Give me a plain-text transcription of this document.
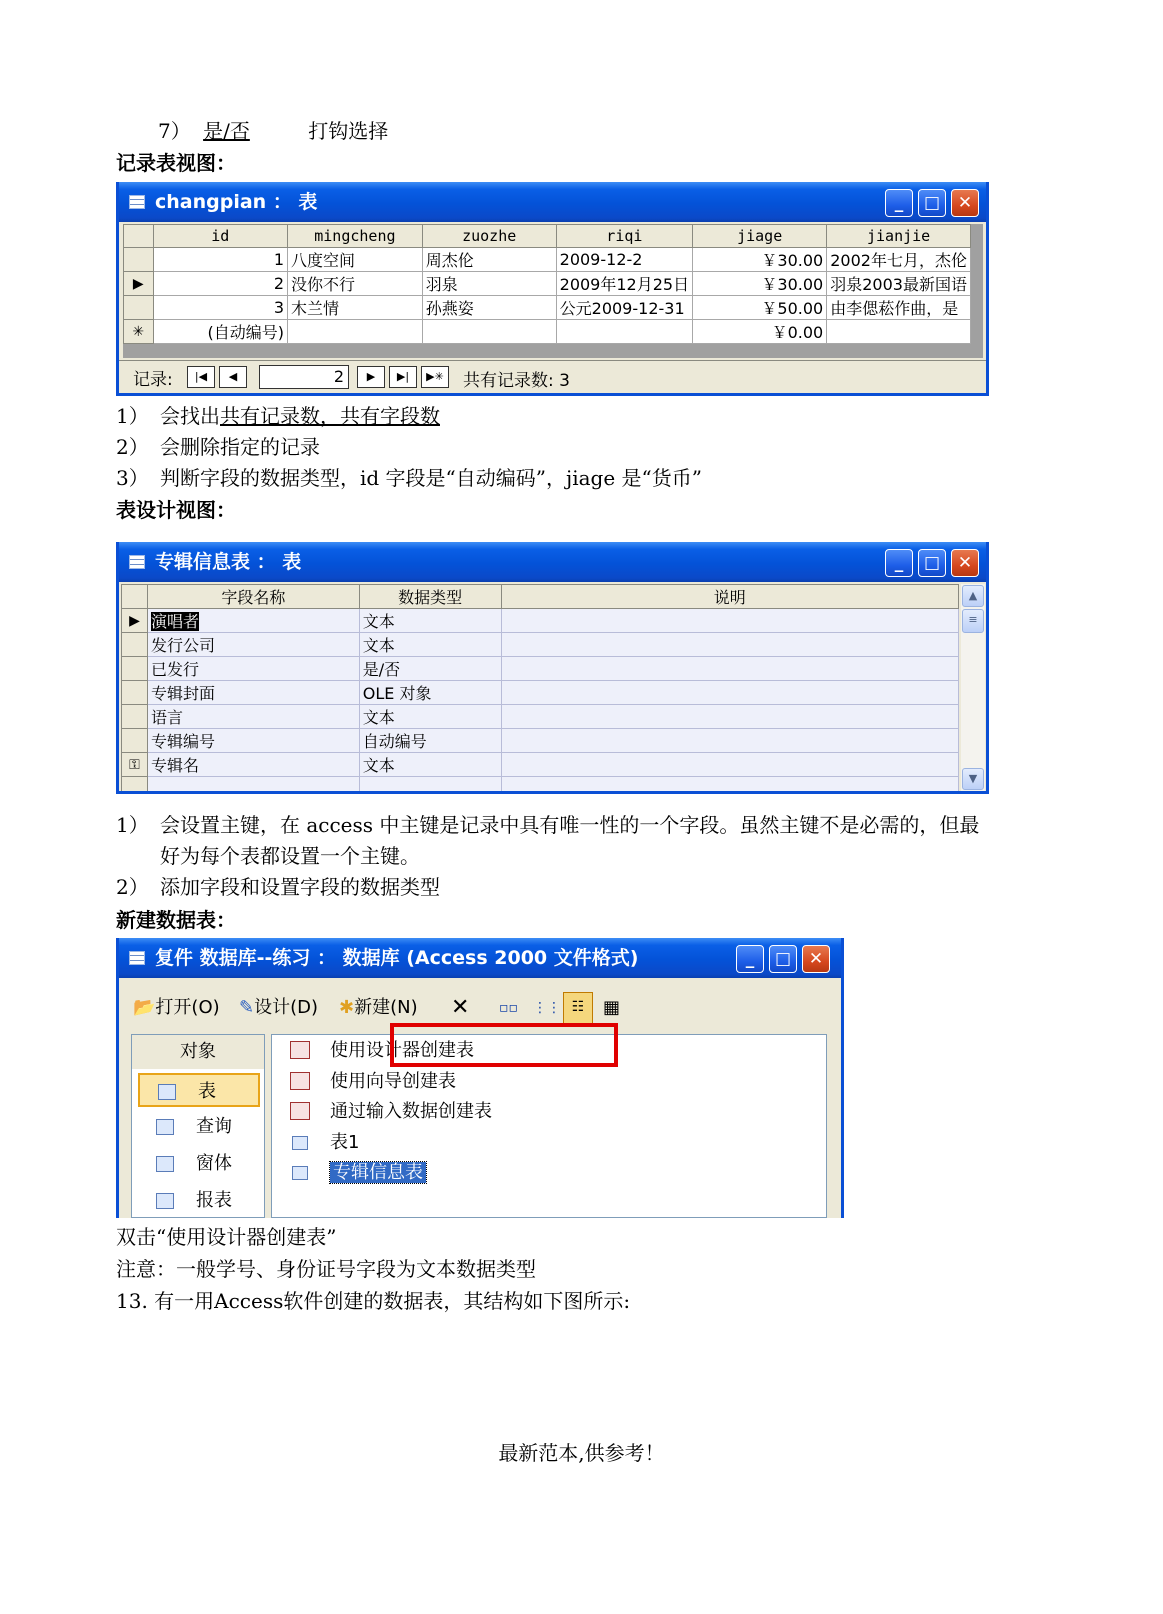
7） 是/否	打钩选择
记录表视图：
changpian ： 表	_	□	✕
	id	mingcheng	zuozhe	riqi	jiage	jianjie
	1	八度空间	周杰伦	2009-12-2	￥30.00	2002年七月，杰伦
▶	2	没你不行	羽泉	2009年12月25日	￥30.00	羽泉2003最新国语
	3	木兰情	孙燕姿	公元2009-12-31	￥50.00	由李偲菘作曲，是
✳	(自动编号)				￥0.00	
记录:	|◀	◀	2	▶	▶|	▶✳	共有记录数: 3
1） 会找出共有记录数，共有字段数
2） 会删除指定的记录
3） 判断字段的数据类型，id 字段是“自动编码”，jiage 是“货币”
表设计视图：
专辑信息表 ： 表	_	□	✕
	字段名称	数据类型	说明
▶	演唱者	文本	
	发行公司	文本	
	已发行	是/否	
	专辑封面	OLE 对象	
	语言	文本	
	专辑编号	自动编号	
⚿	专辑名	文本	

▲
≡
▼
1） 会设置主键，在 access 中主键是记录中具有唯一性的一个字段。虽然主键不是必需的，但最
好为每个表都设置一个主键。
2） 添加字段和设置字段的数据类型
新建数据表：
复件 数据库--练习 ： 数据库 (Access 2000 文件格式)	_	□	✕
📂打开(O) ✎设计(D) ✱新建(N) ✕ ▫▫ ⋮⋮ ☷	▦
对象
表
查询
窗体
报表
使用设计器创建表
使用向导创建表
通过输入数据创建表
表1
专辑信息表
双击“使用设计器创建表”
注意：一般学号、身份证号字段为文本数据类型
13. 有一用Access软件创建的数据表，其结构如下图所示:
最新范本,供参考！
